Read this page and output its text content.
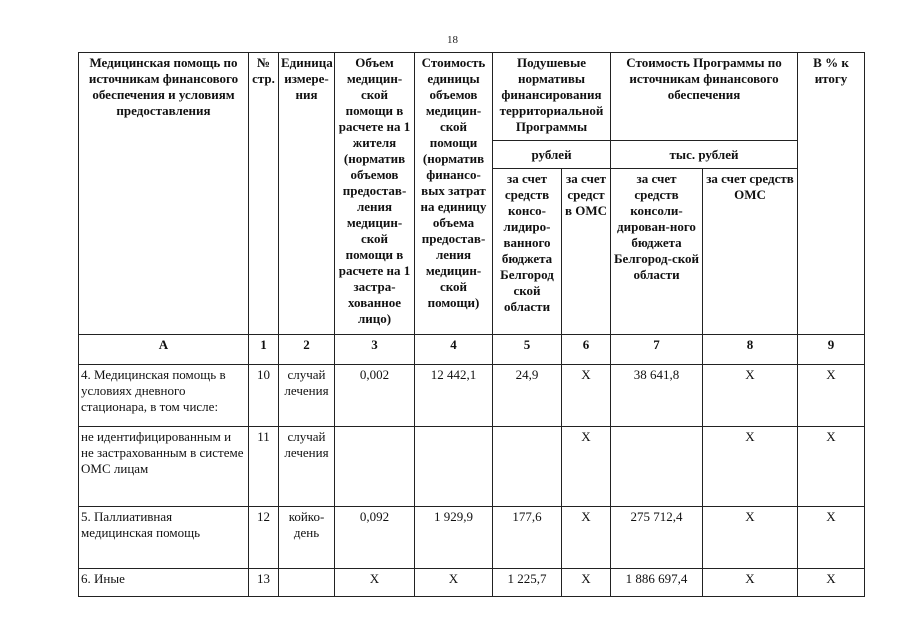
18
Медицинская помощь по источникам финансового обеспечения и условиям предоставления	№ стр.	Единица измере-ния	Объем медицин-ской помощи в расчете на 1 жителя (норматив объемов предостав-ления медицин-ской помощи в расчете на 1 застра-хованное лицо)	Стоимость единицы объемов медицин-ской помощи (норматив финансо-вых затрат на единицу объема предостав-ления медицин-ской помощи)	Подушевые нормативы финансирования территориальной Программы		Стоимость Программы по источникам финансового обеспечения		В % к итогу
					рублей		тыс. рублей		
					за счет средств консо-лидиро-ванного бюджета Белгород ской области	за счет средст в ОМС	за счет средств консоли-дирован-ного бюджета Белгород-ской области	за счет средств ОМС	
А	1	2	3	4	5	6	7	8	9
4. Медицинская помощь в условиях дневного стационара, в том числе:	10	случай лечения	0,002	12 442,1	24,9	Х	38 641,8	Х	Х
не идентифицированным и не застрахованным в системе ОМС лицам	11	случай лечения				Х		Х	Х
5. Паллиативная медицинская помощь	12	койко-день	0,092	1 929,9	177,6	Х	275 712,4	Х	Х
6. Иные	13		Х	Х	1 225,7	Х	1 886 697,4	Х	Х
